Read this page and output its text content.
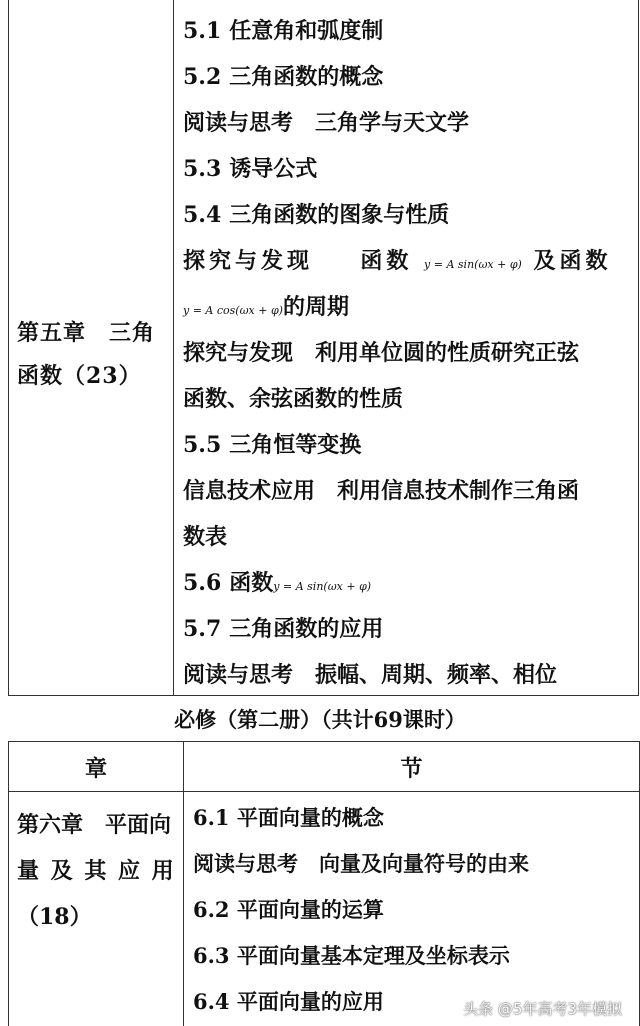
第五章　三角
函数（23）
5.1 任意角和弧度制
5.2 三角函数的概念
阅读与思考　三角学与天文学
5.3 诱导公式
5.4 三角函数的图象与性质
探究与发现 函数 y = A sin(ωx + φ) 及函数
y = A cos(ωx + φ)的周期
探究与发现　利用单位圆的性质研究正弦
函数、余弦函数的性质
5.5 三角恒等变换
信息技术应用　利用信息技术制作三角函
数表
5.6 函数y = A sin(ωx + φ)
5.7 三角函数的应用
阅读与思考　振幅、周期、频率、相位
必修（第二册）（共计69课时）
章	节
第六章　平面向
量 及 其 应 用
（18）
6.1 平面向量的概念
阅读与思考　向量及向量符号的由来
6.2 平面向量的运算
6.3 平面向量基本定理及坐标表示
6.4 平面向量的应用	头条 @5年高考3年模拟
